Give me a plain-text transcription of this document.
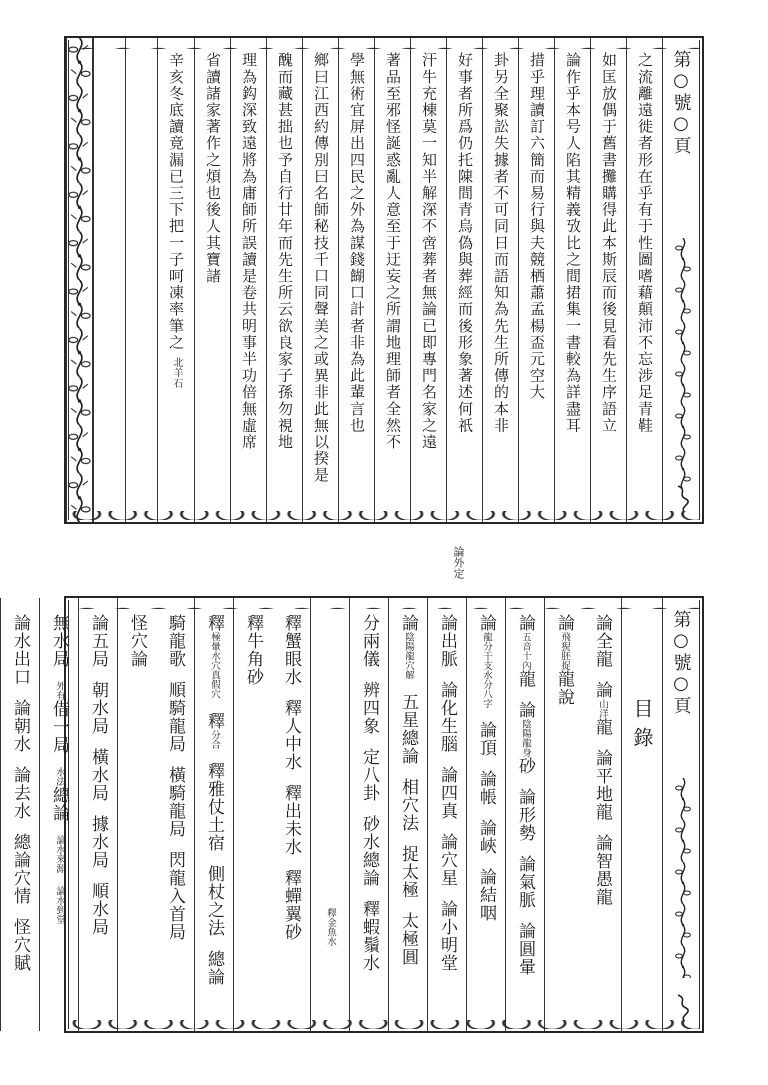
第○號○頁
之流離遠徙者形在乎有于性圖嗜藉顛沛不忘涉足青鞋
如匡放偶于舊書攤購得此本斯辰而後見看先生序語立
論作乎本号人陷其精義攷比之間捃集一書較為詳盡耳
措乎理讀訂六簡而易行與夫競栖蕭孟楊盃元空大
卦另全聚訟失據者不可同日而語知為先生所傳的本非
好事者所爲仍托陳間青烏偽與葬經而後形象著述何祇
汗牛充棟莫一知半解深不啻葬者無論已即專門名家之遠
著品至邪怪誕惑亂人意至于迂妄之所謂地理師者全然不
學無術宜屏出四民之外為謀錢餬口計者非為此輩言也
鄉曰江西約傳別曰名師秘技千口同聲美之或異非此無以揆是
醜而藏甚拙也予自行廿年而先生所云欲良家子孫勿視地
理為鈎深致遠將為庸師所誤讀是卷共明事半功倍無虛席
省讀諸家著作之煩也後人其寶諸
辛亥冬底讀竟漏已三下把一子呵凍率筆之北羊石
論外定
第○號○頁
目錄
論全龍論山洋龍論平地龍論智愚龍論飛猊胚捉龍說
論五音十內龍論陰陽龍身砂論形勢論氣脈論圓暈
論龍分干支水分八字論頂論帳論峽論結咽
論出脈論化生腦論四真論穴星論小明堂
論陰陽龍穴解五星總論相穴法捉太極太極圓
分兩儀辨四象定八卦砂水總論釋蝦鬚水
釋金魚水
釋蟹眼水釋人中水釋出未水釋蟬翼砂釋牛角砂
釋極暈水穴真假穴釋分合釋雅仗土宿側杖之法總論
騎龍歌順騎龍局橫騎龍局閃龍入首局怪穴論
論五局朝水局橫水局據水局順水局
無水局外有借一局水法總論論水來源論水到堂
論水出口論朝水論去水總論穴情怪穴賦
